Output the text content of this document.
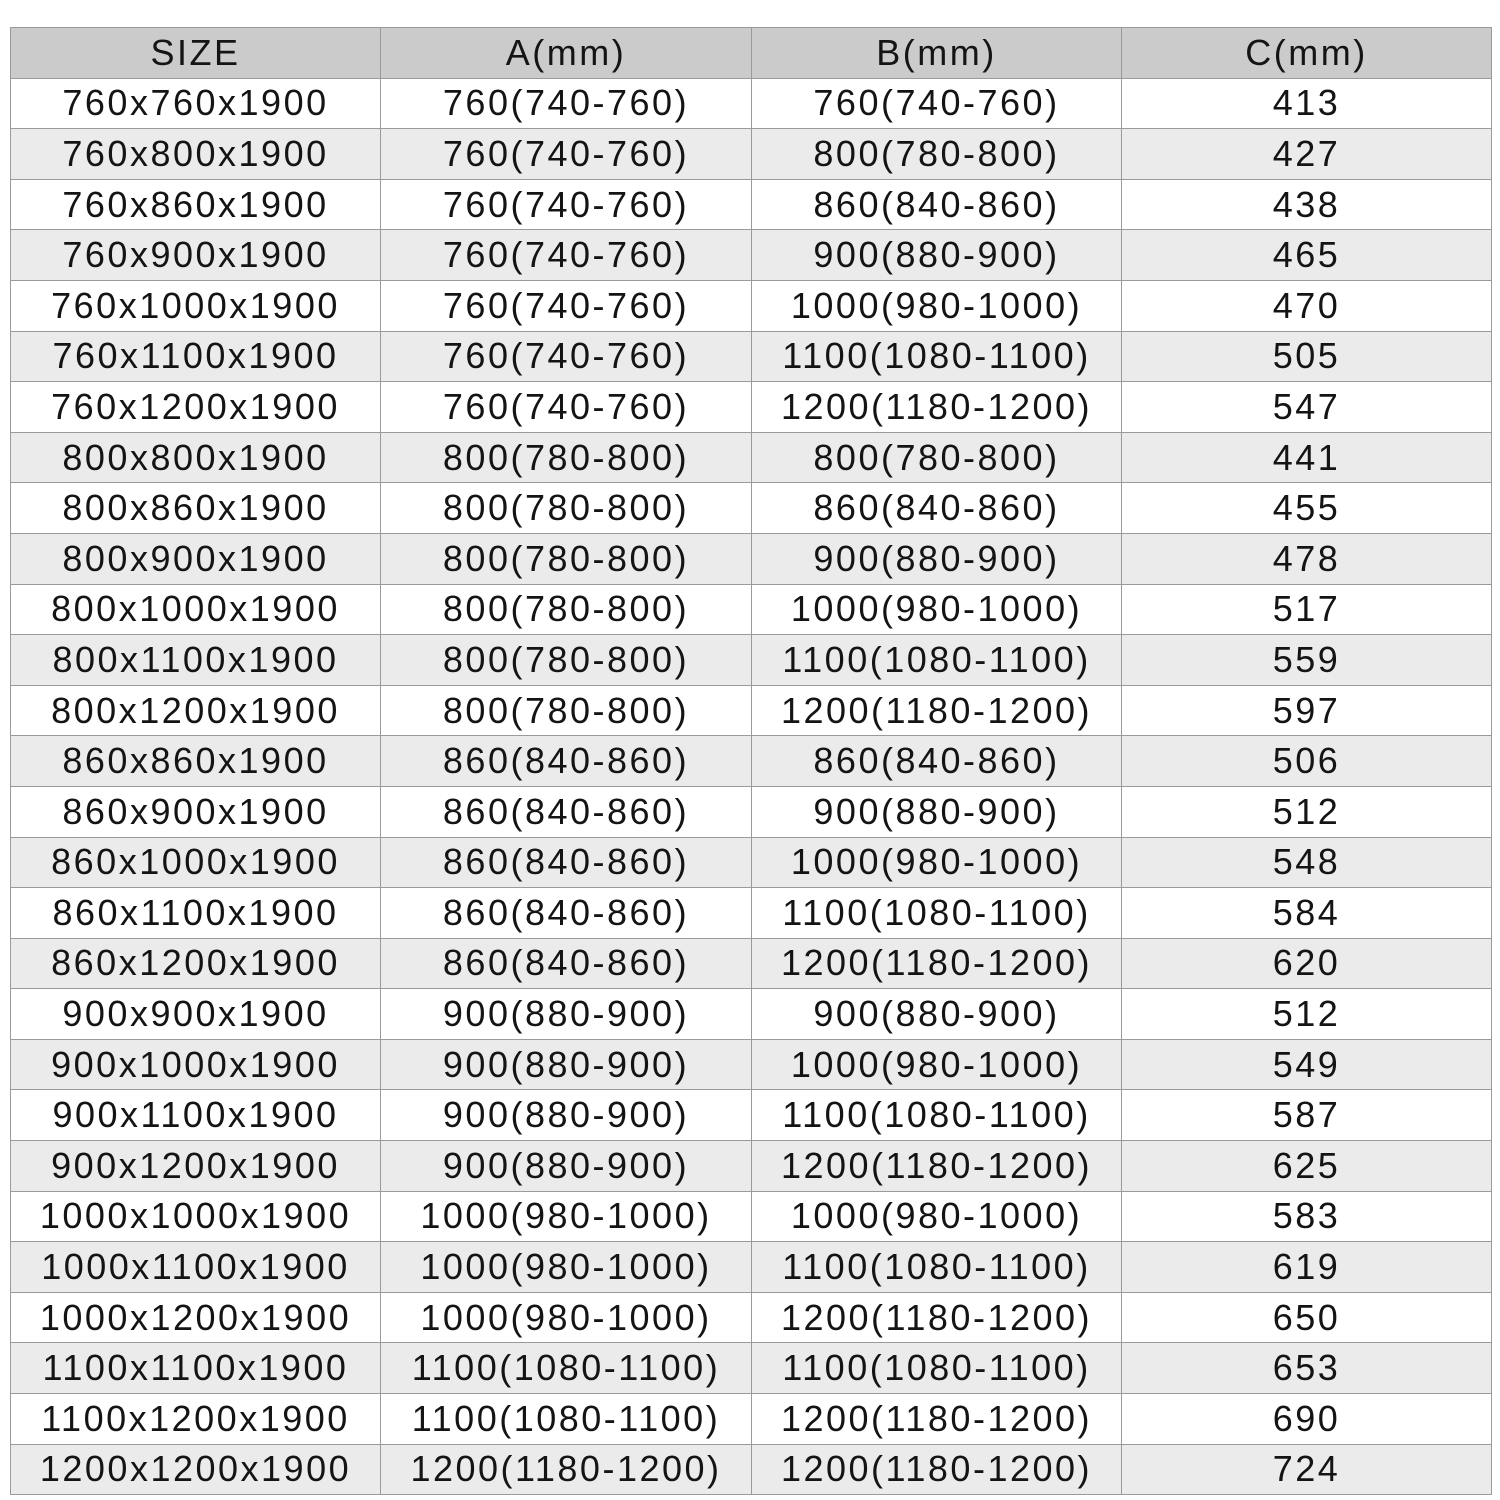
SIZE	A(mm)	B(mm)	C(mm)
760x760x1900	760(740-760)	760(740-760)	413
760x800x1900	760(740-760)	800(780-800)	427
760x860x1900	760(740-760)	860(840-860)	438
760x900x1900	760(740-760)	900(880-900)	465
760x1000x1900	760(740-760)	1000(980-1000)	470
760x1100x1900	760(740-760)	1100(1080-1100)	505
760x1200x1900	760(740-760)	1200(1180-1200)	547
800x800x1900	800(780-800)	800(780-800)	441
800x860x1900	800(780-800)	860(840-860)	455
800x900x1900	800(780-800)	900(880-900)	478
800x1000x1900	800(780-800)	1000(980-1000)	517
800x1100x1900	800(780-800)	1100(1080-1100)	559
800x1200x1900	800(780-800)	1200(1180-1200)	597
860x860x1900	860(840-860)	860(840-860)	506
860x900x1900	860(840-860)	900(880-900)	512
860x1000x1900	860(840-860)	1000(980-1000)	548
860x1100x1900	860(840-860)	1100(1080-1100)	584
860x1200x1900	860(840-860)	1200(1180-1200)	620
900x900x1900	900(880-900)	900(880-900)	512
900x1000x1900	900(880-900)	1000(980-1000)	549
900x1100x1900	900(880-900)	1100(1080-1100)	587
900x1200x1900	900(880-900)	1200(1180-1200)	625
1000x1000x1900	1000(980-1000)	1000(980-1000)	583
1000x1100x1900	1000(980-1000)	1100(1080-1100)	619
1000x1200x1900	1000(980-1000)	1200(1180-1200)	650
1100x1100x1900	1100(1080-1100)	1100(1080-1100)	653
1100x1200x1900	1100(1080-1100)	1200(1180-1200)	690
1200x1200x1900	1200(1180-1200)	1200(1180-1200)	724
